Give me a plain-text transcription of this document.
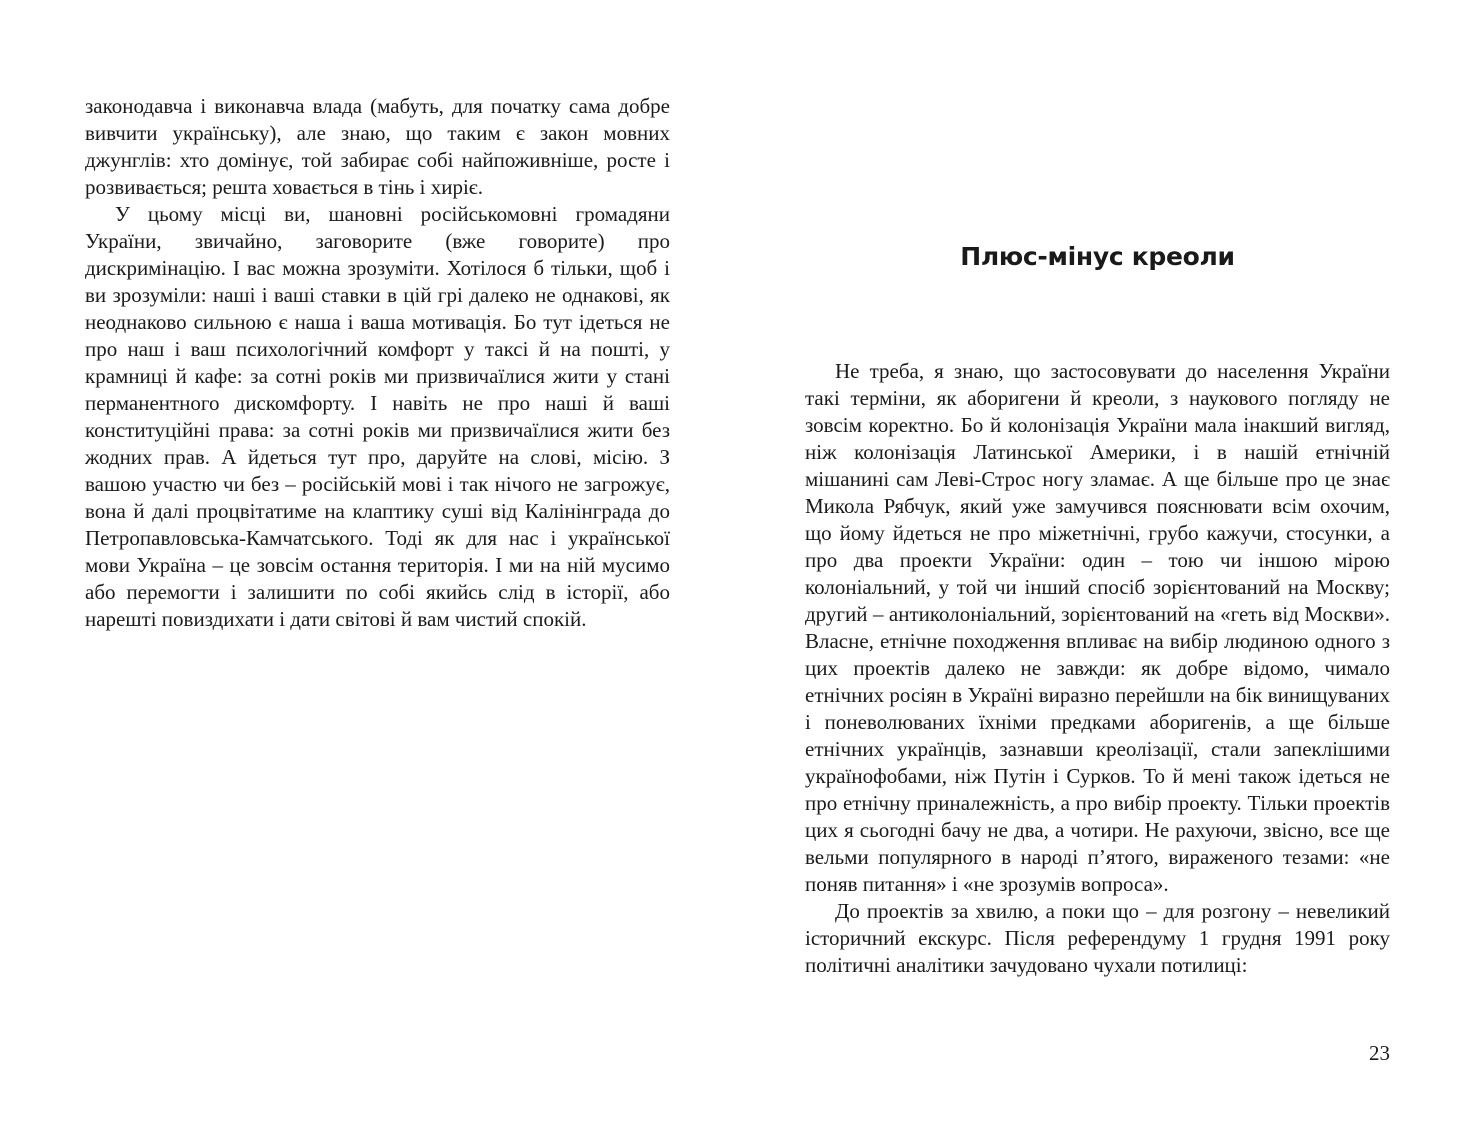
законодавча і виконавча влада (мабуть, для початку сама добре вивчити українську), але знаю, що таким є закон мовних джунглів: хто домінує, той забирає собі найпоживніше, росте і розвивається; решта ховається в тінь і хиріє.

У цьому місці ви, шановні російськомовні громадяни України, звичайно, заговорите (вже говорите) про дискримінацію. І вас можна зрозуміти. Хотілося б тільки, щоб і ви зрозуміли: наші і ваші ставки в цій грі далеко не однакові, як неоднаково сильною є наша і ваша мотивація. Бо тут ідеться не про наш і ваш психологічний комфорт у таксі й на пошті, у крамниці й кафе: за сотні років ми призвичаїлися жити у стані перманентного дискомфорту. І навіть не про наші й ваші конституційні права: за сотні років ми призвичаїлися жити без жодних прав. А йдеться тут про, даруйте на слові, місію. З вашою участю чи без – російській мові і так нічого не загрожує, вона й далі процвітатиме на клаптику суші від Калінінграда до Петропавловська-Камчатського. Тоді як для нас і української мови Україна – це зовсім остання територія. І ми на ній мусимо або перемогти і залишити по собі якийсь слід в історії, або нарешті повиздихати і дати світові й вам чистий спокій.

Плюс-мінус креоли

Не треба, я знаю, що застосовувати до населення України такі терміни, як аборигени й креоли, з наукового погляду не зовсім коректно. Бо й колонізація України мала інакший вигляд, ніж колонізація Латинської Америки, і в нашій етнічній мішанині сам Леві-Строс ногу зламає. А ще більше про це знає Микола Рябчук, який уже замучився пояснювати всім охочим, що йому йдеться не про міжетнічні, грубо кажучи, стосунки, а про два проекти України: один – тою чи іншою мірою колоніальний, у той чи інший спосіб зорієнтований на Москву; другий – антиколоніальний, зорієнтований на «геть від Москви». Власне, етнічне походження впливає на вибір людиною одного з цих проектів далеко не завжди: як добре відомо, чимало етнічних росіян в Україні виразно перейшли на бік винищуваних і поневолюваних їхніми предками аборигенів, а ще більше етнічних українців, зазнавши креолізації, стали запеклішими українофобами, ніж Путін і Сурков. То й мені також ідеться не про етнічну приналежність, а про вибір проекту. Тільки проектів цих я сьогодні бачу не два, а чотири. Не рахуючи, звісно, все ще вельми популярного в народі п’ятого, вираженого тезами: «не поняв питання» і «не зрозумів вопроса».

До проектів за хвилю, а поки що – для розгону – невеликий історичний екскурс. Після референдуму 1 грудня 1991 року політичні аналітики зачудовано чухали потилиці:

23
